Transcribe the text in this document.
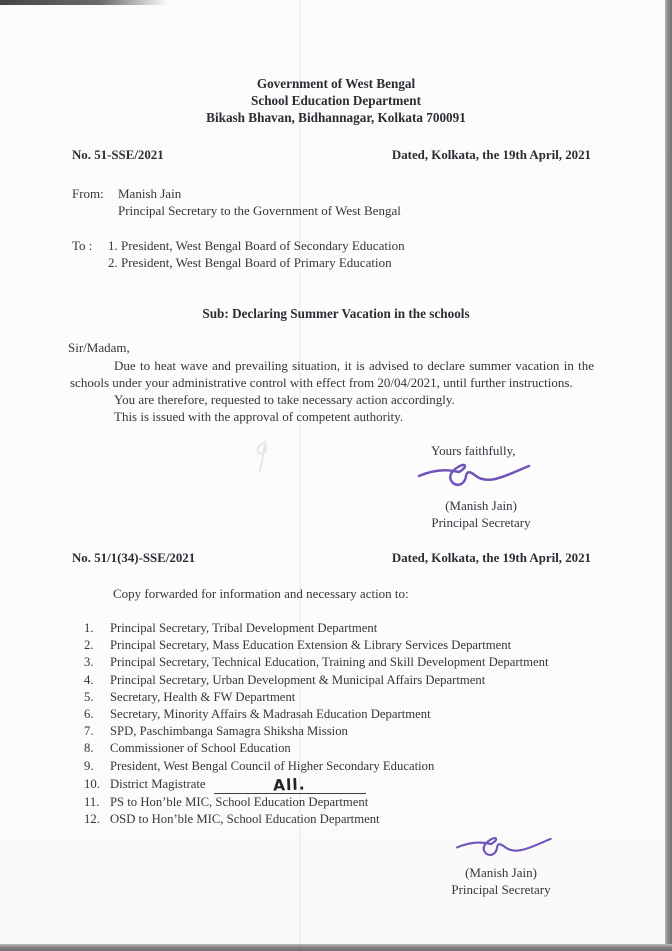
Government of West Bengal
School Education Department
Bikash Bhavan, Bidhannagar, Kolkata 700091
No. 51-SSE/2021	Dated, Kolkata, the 19th April, 2021
From:	Manish Jain
Principal Secretary to the Government of West Bengal
To :	1. President, West Bengal Board of Secondary Education
2. President, West Bengal Board of Primary Education
Sub: Declaring Summer Vacation in the schools
Sir/Madam,
Due to heat wave and prevailing situation, it is advised to declare summer vacation in the schools under your administrative control with effect from 20/04/2021, until further instructions.
You are therefore, requested to take necessary action accordingly.
This is issued with the approval of competent authority.
Yours faithfully,
(Manish Jain)
Principal Secretary
No. 51/1(34)-SSE/2021	Dated, Kolkata, the 19th April, 2021
Copy forwarded for information and necessary action to:
1.	Principal Secretary, Tribal Development Department
2.	Principal Secretary, Mass Education Extension & Library Services Department
3.	Principal Secretary, Technical Education, Training and Skill Development Department
4.	Principal Secretary, Urban Development & Municipal Affairs Department
5.	Secretary, Health & FW Department
6.	Secretary, Minority Affairs & Madrasah Education Department
7.	SPD, Paschimbanga Samagra Shiksha Mission
8.	Commissioner of School Education
9.	President, West Bengal Council of Higher Secondary Education
10. District Magistrate	All.
11. PS to Hon’ble MIC, School Education Department
12. OSD to Hon’ble MIC, School Education Department
(Manish Jain)
Principal Secretary
